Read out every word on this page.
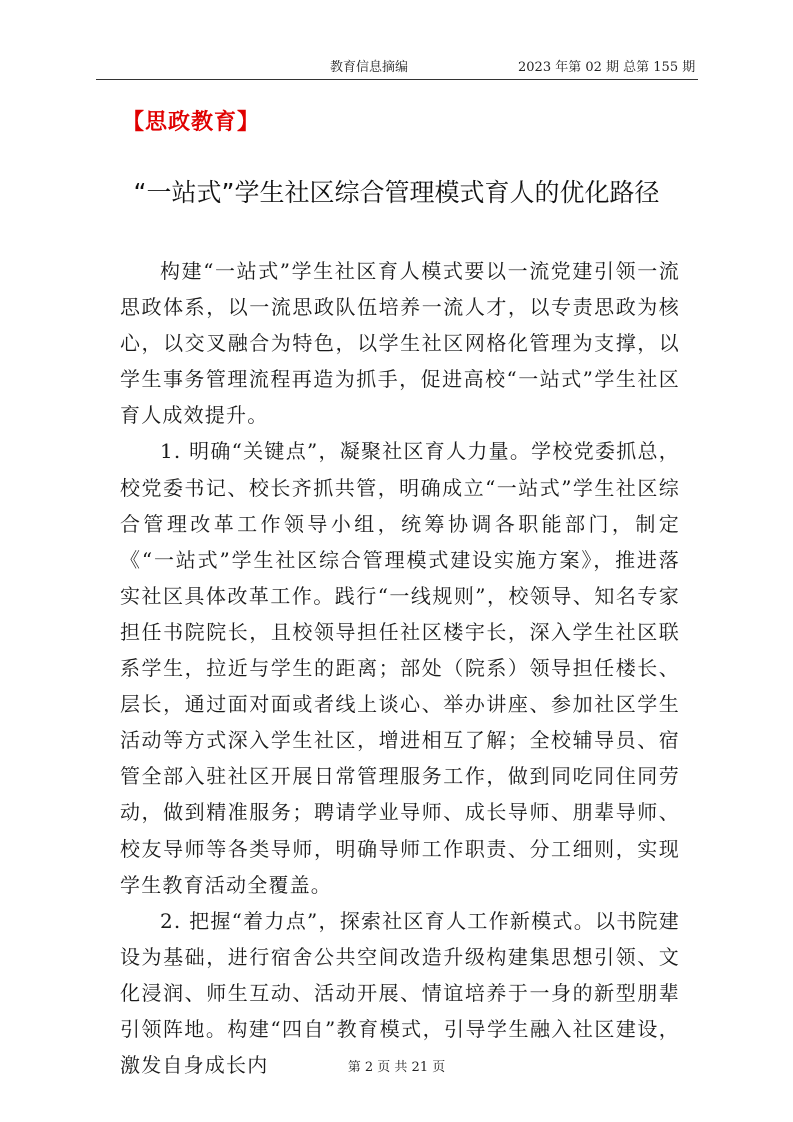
教育信息摘编	2023 年第 02 期 总第 155 期
【思政教育】
“一站式”学生社区综合管理模式育人的优化路径

构建“一站式”学生社区育人模式要以一流党建引领一流思政体系，以一流思政队伍培养一流人才，以专责思政为核心，以交叉融合为特色，以学生社区网格化管理为支撑，以学生事务管理流程再造为抓手，促进高校“一站式”学生社区育人成效提升。

1. 明确“关键点”，凝聚社区育人力量。学校党委抓总，校党委书记、校长齐抓共管，明确成立“一站式”学生社区综合管理改革工作领导小组，统筹协调各职能部门，制定《“一站式”学生社区综合管理模式建设实施方案》，推进落实社区具体改革工作。践行“一线规则”，校领导、知名专家担任书院院长，且校领导担任社区楼宇长，深入学生社区联系学生，拉近与学生的距离；部处（院系）领导担任楼长、层长，通过面对面或者线上谈心、举办讲座、参加社区学生活动等方式深入学生社区，增进相互了解；全校辅导员、宿管全部入驻社区开展日常管理服务工作，做到同吃同住同劳动，做到精准服务；聘请学业导师、成长导师、朋辈导师、校友导师等各类导师，明确导师工作职责、分工细则，实现学生教育活动全覆盖。

2. 把握“着力点”，探索社区育人工作新模式。以书院建设为基础，进行宿舍公共空间改造升级构建集思想引领、文化浸润、师生互动、活动开展、情谊培养于一身的新型朋辈引领阵地。构建“四自”教育模式，引导学生融入社区建设，激发自身成长内	第 2 页 共 21 页
